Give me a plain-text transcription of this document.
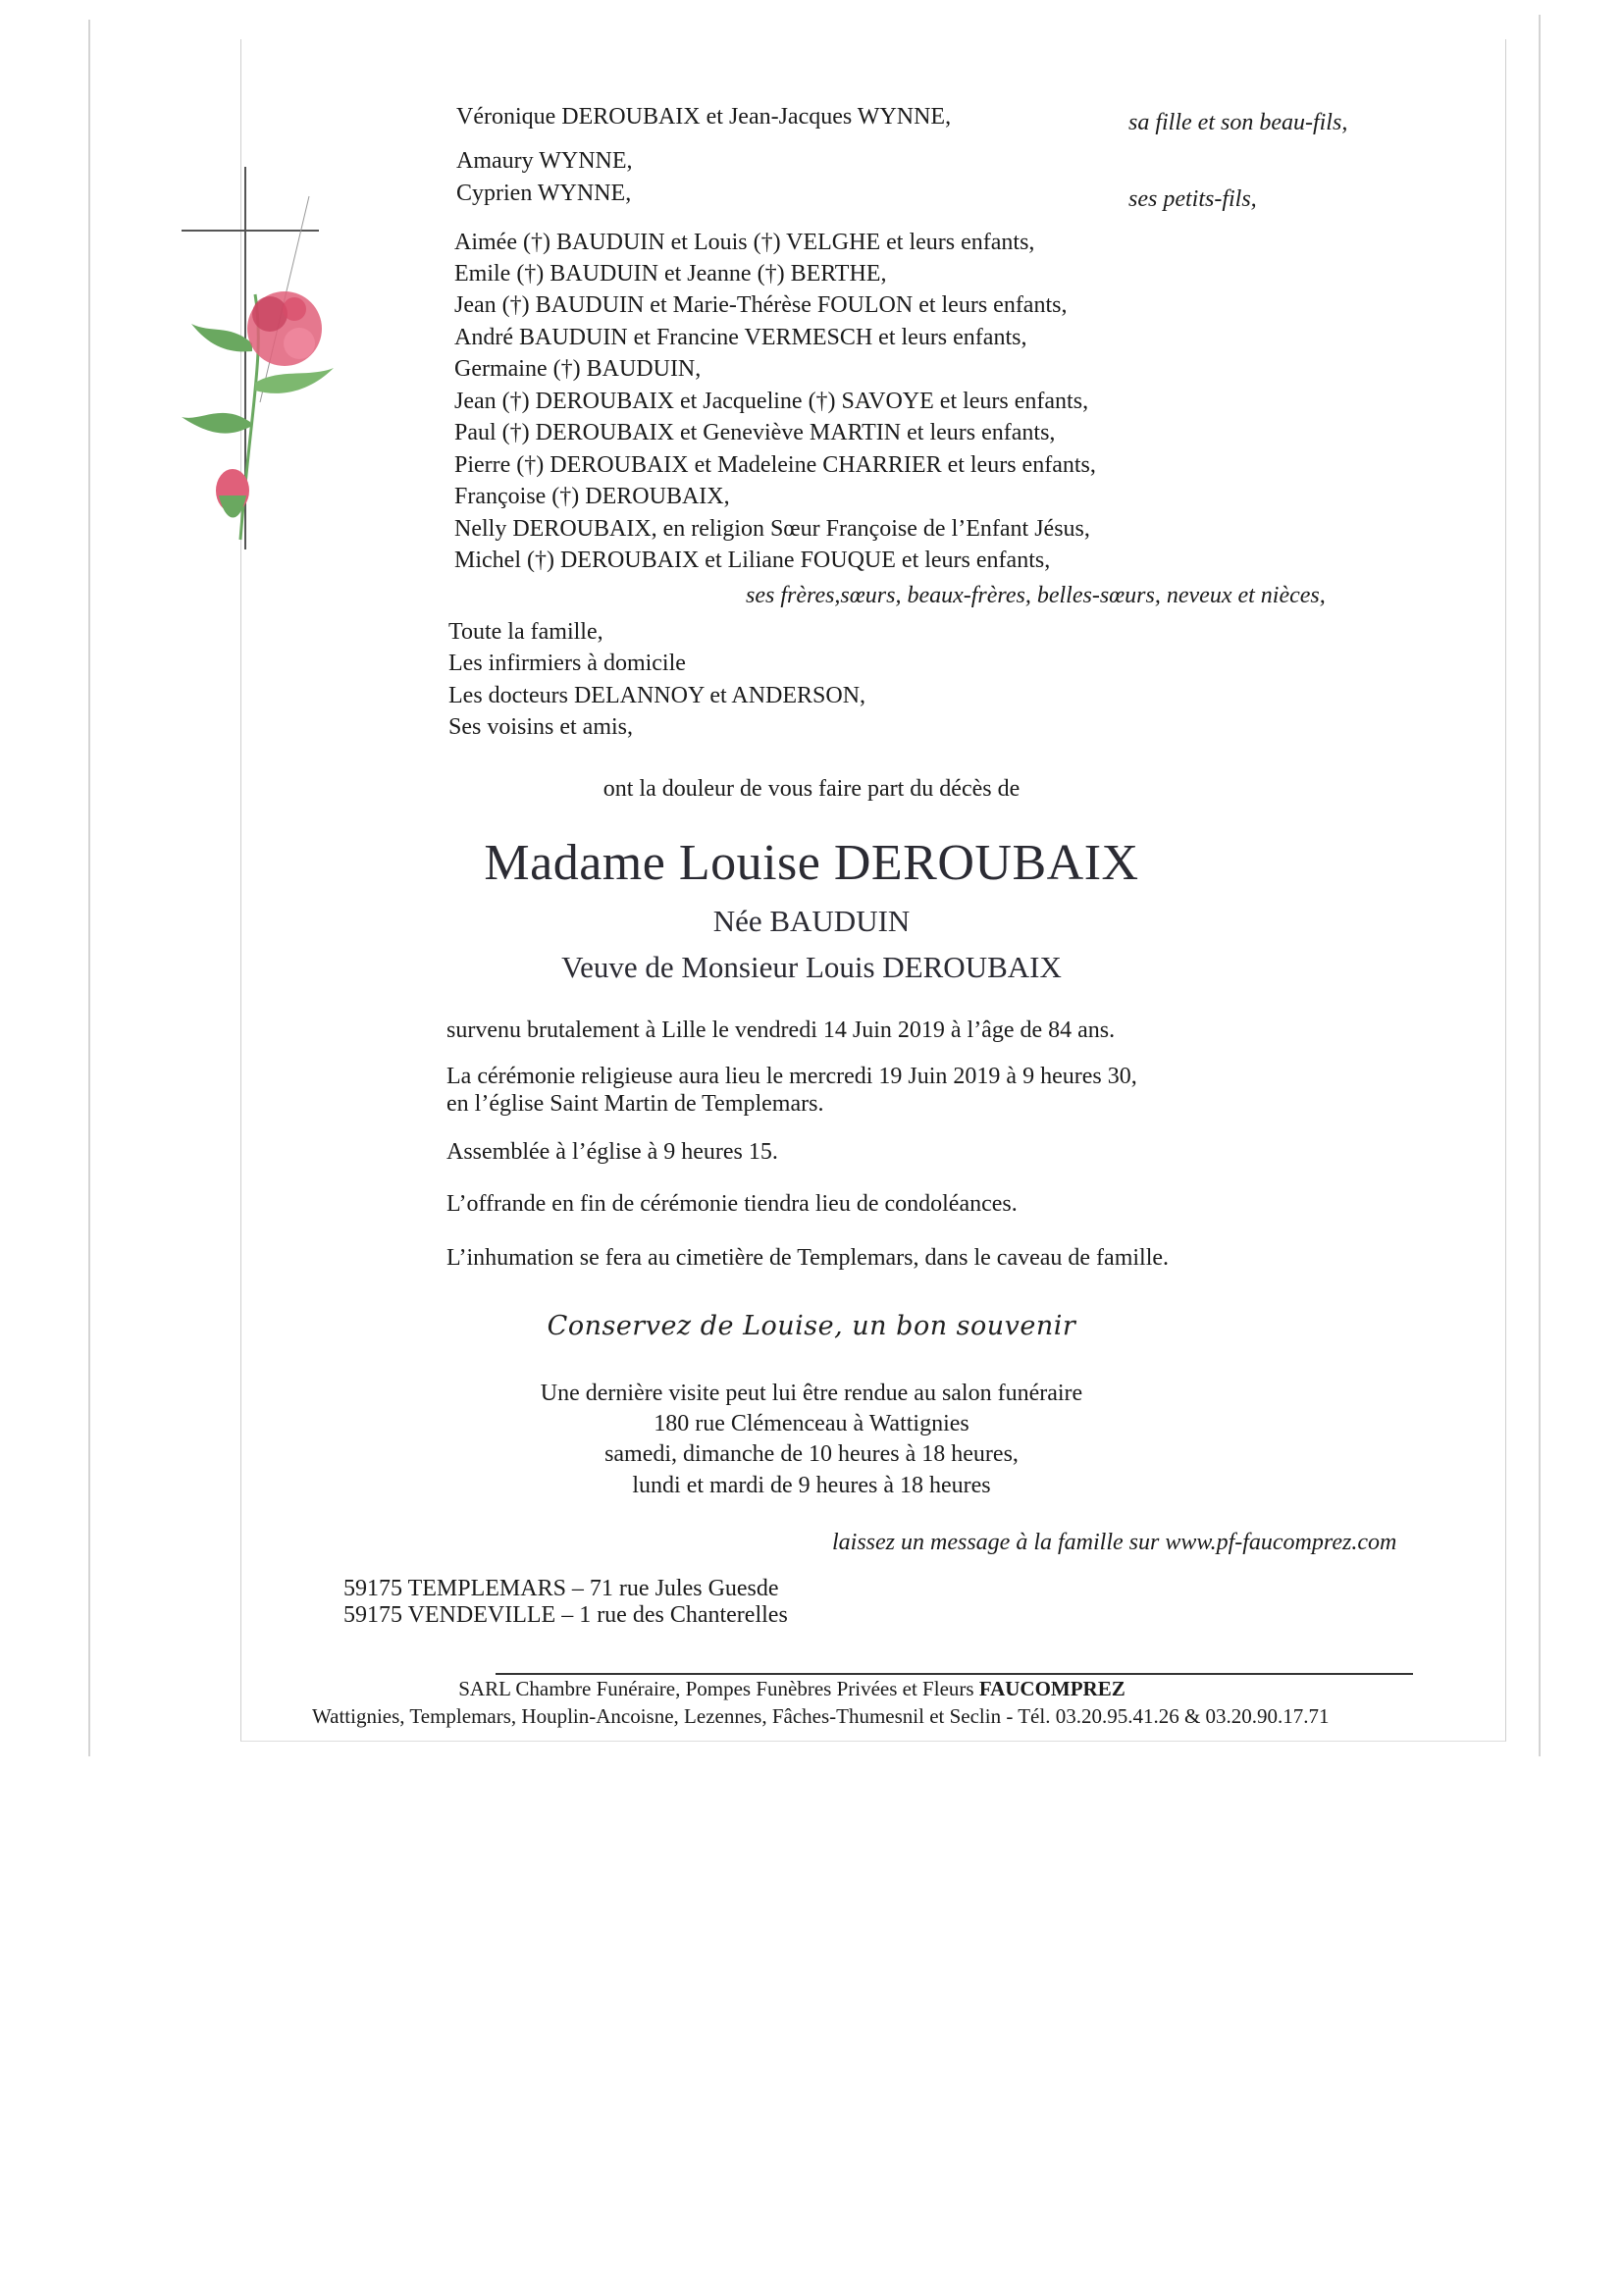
Véronique DEROUBAIX et Jean-Jacques WYNNE,	sa fille et son beau-fils,
Amaury WYNNE,
Cyprien WYNNE,	ses petits-fils,
Aimée (†) BAUDUIN et Louis (†) VELGHE et leurs enfants,
Emile (†) BAUDUIN et Jeanne (†) BERTHE,
Jean (†) BAUDUIN et Marie-Thérèse FOULON et leurs enfants,
André BAUDUIN et Francine VERMESCH et leurs enfants,
Germaine (†) BAUDUIN,
Jean (†) DEROUBAIX et Jacqueline (†) SAVOYE et leurs enfants,
Paul (†) DEROUBAIX et Geneviève MARTIN et leurs enfants,
Pierre (†) DEROUBAIX et Madeleine CHARRIER et leurs enfants,
Françoise (†) DEROUBAIX,
Nelly DEROUBAIX, en religion Sœur Françoise de l’Enfant Jésus,
Michel (†) DEROUBAIX et Liliane FOUQUE et leurs enfants,
ses frères,sœurs, beaux-frères, belles-sœurs, neveux et nièces,
Toute la famille,
Les infirmiers à domicile
Les docteurs DELANNOY et ANDERSON,
Ses voisins et amis,
ont la douleur de vous faire part du décès de
Madame Louise DEROUBAIX
Née BAUDUIN
Veuve de Monsieur Louis DEROUBAIX
survenu brutalement à Lille le vendredi 14 Juin 2019 à l’âge de 84 ans.
La cérémonie religieuse aura lieu le mercredi 19 Juin 2019 à 9 heures 30,
en l’église Saint Martin de Templemars.
Assemblée à l’église à 9 heures 15.
L’offrande en fin de cérémonie tiendra lieu de condoléances.
L’inhumation se fera au cimetière de Templemars, dans le caveau de famille.
Conservez de Louise, un bon souvenir
Une dernière visite peut lui être rendue au salon funéraire
180 rue Clémenceau à Wattignies
samedi, dimanche de 10 heures à 18 heures,
lundi et mardi de 9 heures à 18 heures
laissez un message à la famille sur www.pf-faucomprez.com
59175 TEMPLEMARS – 71 rue Jules Guesde
59175 VENDEVILLE – 1 rue des Chanterelles
SARL Chambre Funéraire, Pompes Funèbres Privées et Fleurs FAUCOMPREZ
Wattignies, Templemars, Houplin-Ancoisne, Lezennes, Fâches-Thumesnil et Seclin - Tél. 03.20.95.41.26 & 03.20.90.17.71
